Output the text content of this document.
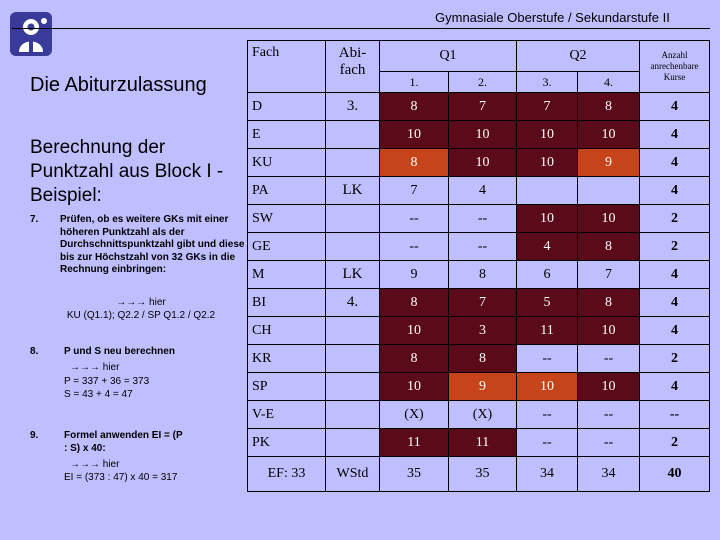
Gymnasiale Oberstufe / Sekundarstufe II
Die Abiturzulassung
Berechnung der Punktzahl aus Block I - Beispiel:
7. Prüfen, ob es weitere GKs mit einer höheren Punktzahl als der Durchschnittspunktzahl gibt und diese bis zur Höchstzahl von 32 GKs in die Rechnung einbringen:
→→→ hier
KU (Q1.1); Q2.2 / SP Q1.2 / Q2.2
8.	P und S neu berechnen
→→→ hier
P = 337 + 36 = 373
S = 43 + 4 = 47
9.	Formel anwenden EI = (P : S) x 40:
→→→ hier
EI = (373 : 47) x 40 = 317
Fach	Abi-fach	Q1		Q2		Anzahl anrechenbare Kurse
		1.	2.	3.	4.	
D	3.	8	7	7	8	4
E		10	10	10	10	4
KU		8	10	10	9	4
PA	LK	7	4			4
SW		--	--	10	10	2
GE		--	--	4	8	2
M	LK	9	8	6	7	4
BI	4.	8	7	5	8	4
CH		10	3	11	10	4
KR		8	8	--	--	2
SP		10	9	10	10	4
V-E		(X)	(X)	--	--	--
PK		11	11	--	--	2
EF: 33	WStd	35	35	34	34	40
